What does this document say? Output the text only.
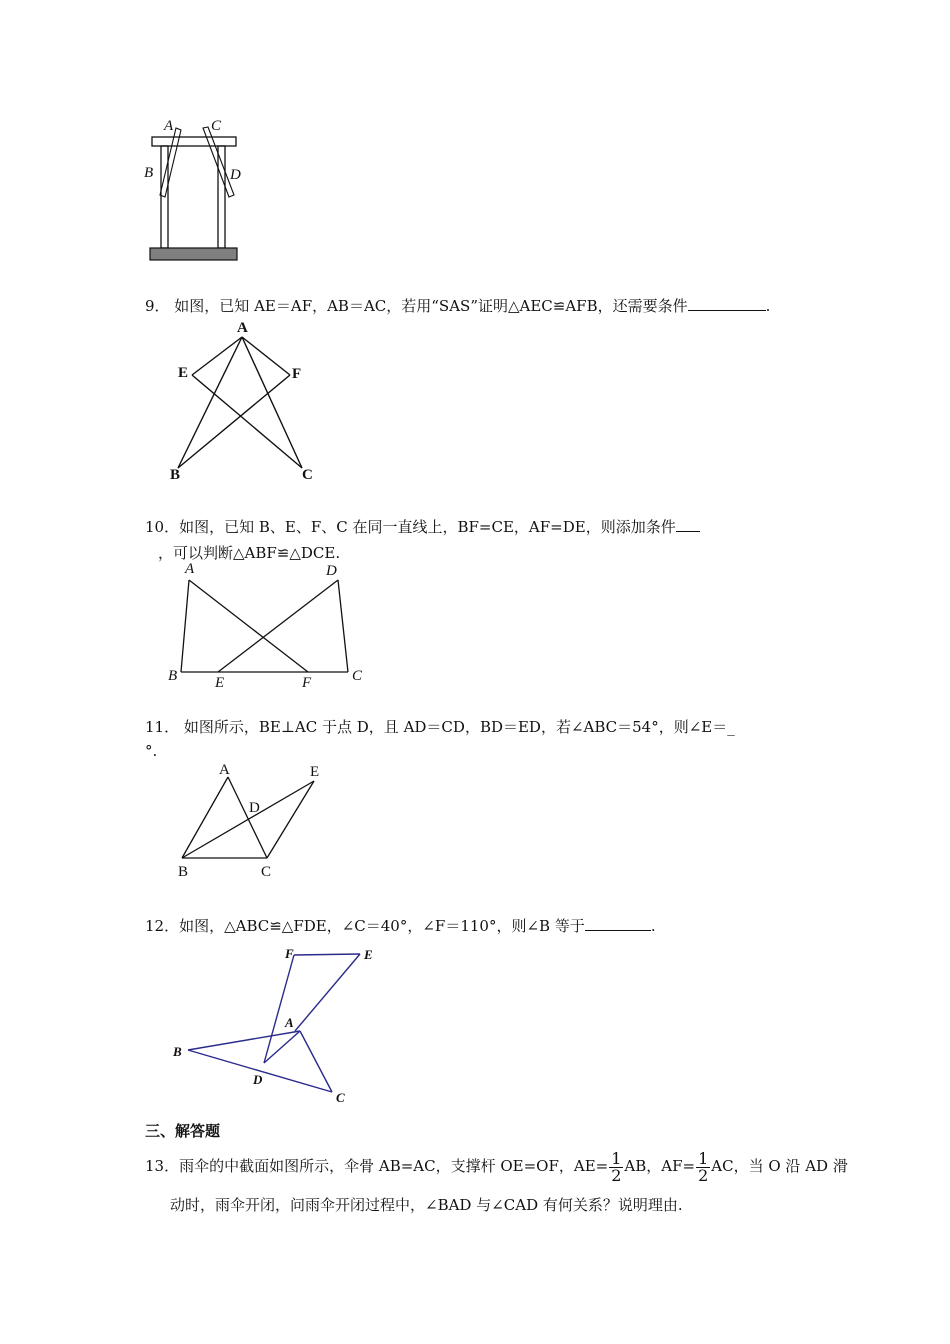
A	C
B	D
9． 如图，已知 AE＝AF，AB＝AC，若用“SAS”证明△AEC≌AFB，还需要条件	.
A
E	F
B	C
10．如图，已知 B、E、F、C 在同一直线上，BF=CE，AF=DE，则添加条件
，可以判断△ABF≌△DCE.
A	D
B	E	F	C
11． 如图所示，BE⊥AC 于点 D，且 AD＝CD，BD＝ED，若∠ABC＝54°，则∠E＝_
°.
A	E
D
B	C
12．如图，△ABC≌△FDE，∠C＝40°，∠F＝110°，则∠B 等于	.
F	E
A
B
D
C
三、解答题
13．雨伞的中截面如图所示，伞骨 AB=AC，支撑杆 OE=OF，$AE= \frac{1}{2}$ AB，$AF= \frac{1}{2}$ AC，当 O 沿 AD 滑
动时，雨伞开闭，问雨伞开闭过程中，∠BAD 与∠CAD 有何关系？说明理由.
